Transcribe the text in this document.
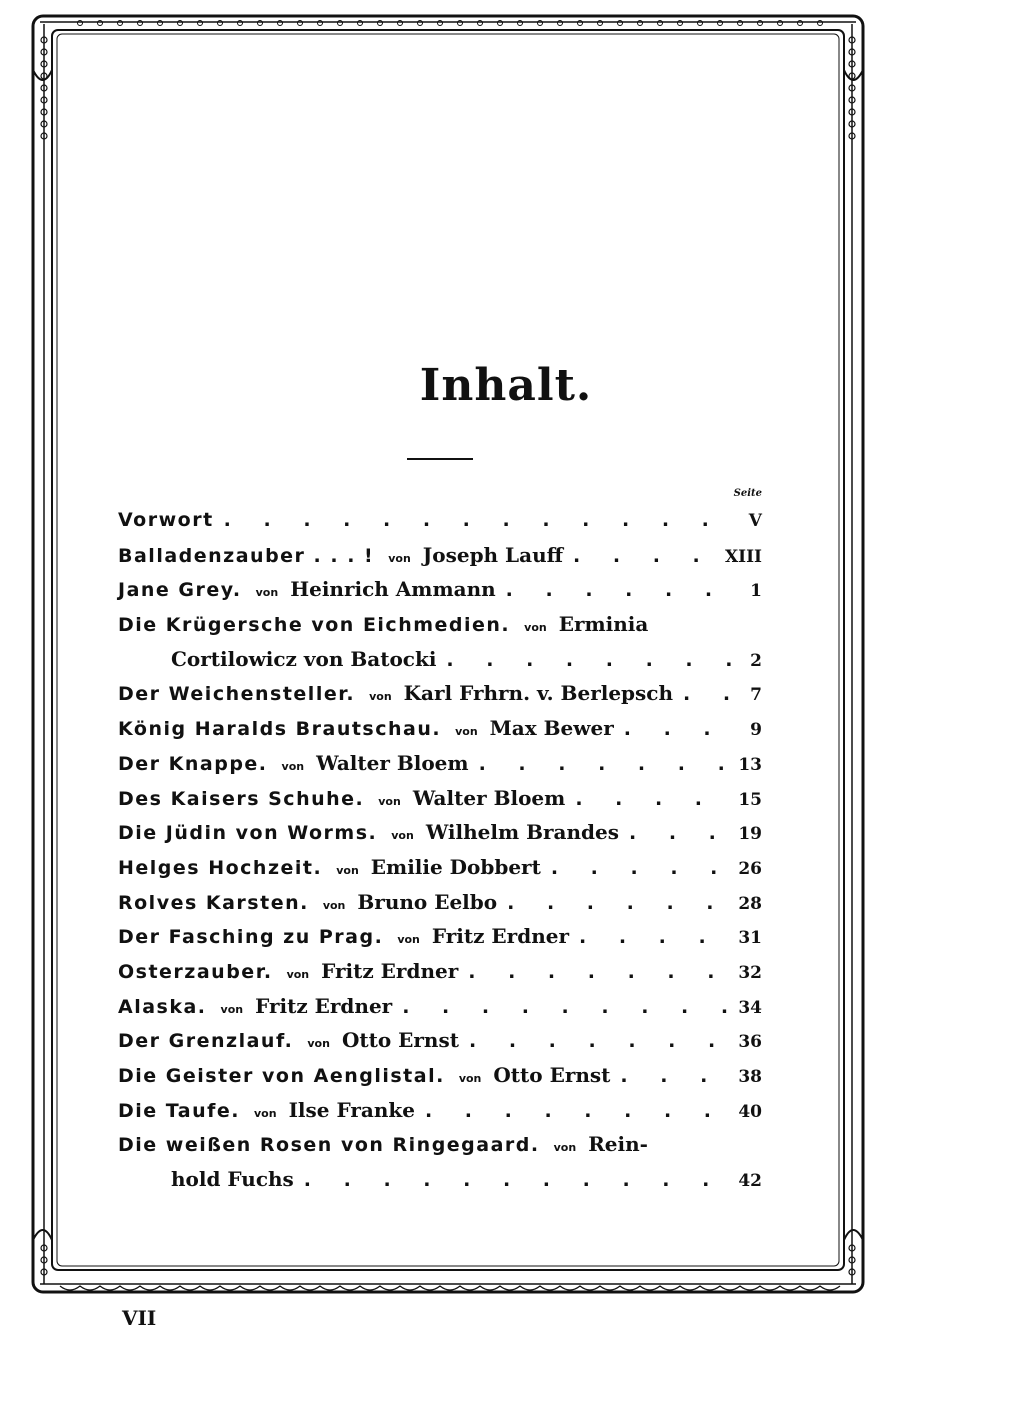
Inhalt.
Seite
Vorwort . . .	V
Balladenzauber . . . ! von Joseph Lauff . . .	XIII
Jane Grey. von Heinrich Ammann . . .	1
Die Krügersche von Eichmedien. von Erminia
Cortilowicz von Batocki . . .	2
Der Weichensteller. von Karl Frhrn. v. Berlepsch . . .	7
König Haralds Brautschau. von Max Bewer . . .	9
Der Knappe. von Walter Bloem . . .	13
Des Kaisers Schuhe. von Walter Bloem . . .	15
Die Jüdin von Worms. von Wilhelm Brandes . . .	19
Helges Hochzeit. von Emilie Dobbert . . .	26
Rolves Karsten. von Bruno Eelbo . . .	28
Der Fasching zu Prag. von Fritz Erdner . . .	31
Osterzauber. von Fritz Erdner . . .	32
Alaska. von Fritz Erdner . . .	34
Der Grenzlauf. von Otto Ernst . . .	36
Die Geister von Aenglistal. von Otto Ernst . . .	38
Die Taufe. von Ilse Franke . . .	40
Die weißen Rosen von Ringegaard. von Rein-
hold Fuchs . . .	42
VII
